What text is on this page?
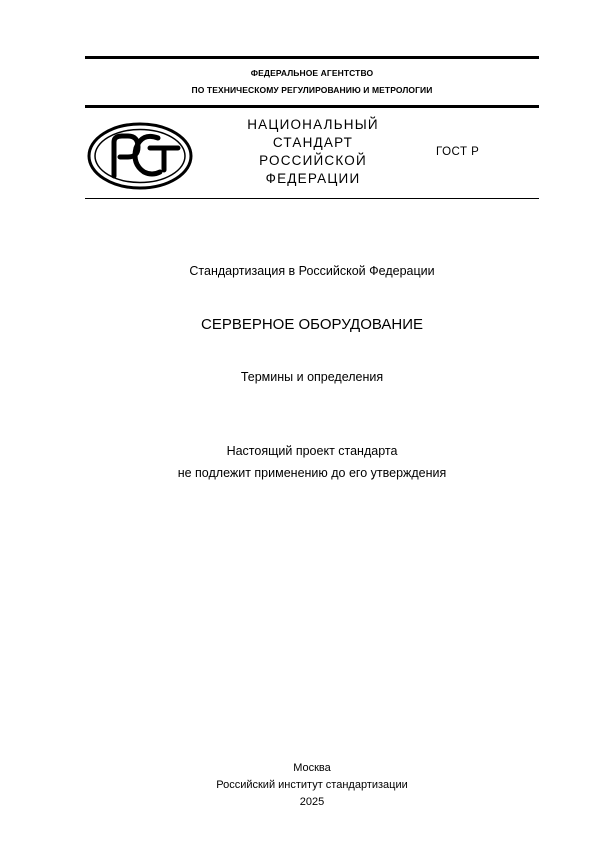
ФЕДЕРАЛЬНОЕ АГЕНТСТВО
ПО ТЕХНИЧЕСКОМУ РЕГУЛИРОВАНИЮ И МЕТРОЛОГИИ
НАЦИОНАЛЬНЫЙ
СТАНДАРТ
РОССИЙСКОЙ
ФЕДЕРАЦИИ
ГОСТ Р
Стандартизация в Российской Федерации
СЕРВЕРНОЕ ОБОРУДОВАНИЕ
Термины и определения
Настоящий проект стандарта
не подлежит применению до его утверждения
Москва
Российский институт стандартизации
2025
